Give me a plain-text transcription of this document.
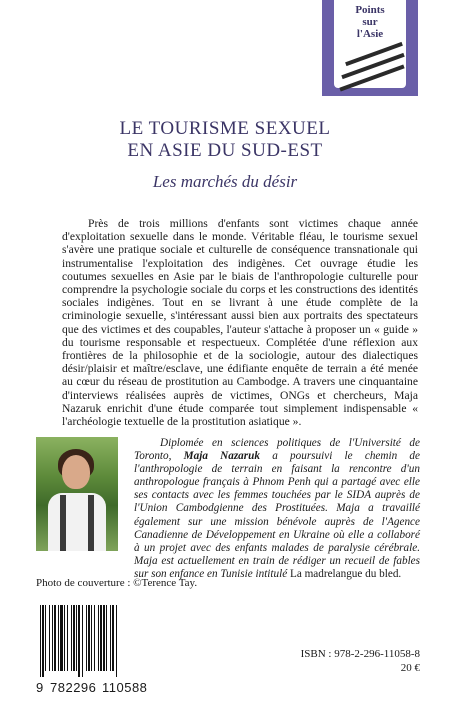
Points
sur
l'Asie
LE TOURISME SEXUEL
EN ASIE DU SUD-EST
Les marchés du désir

Près de trois millions d'enfants sont victimes chaque année d'exploitation sexuelle dans le monde. Véritable fléau, le tourisme sexuel s'avère une pratique sociale et culturelle de conséquence transnationale qui instrumentalise l'exploitation des indigènes. Cet ouvrage étudie les coutumes sexuelles en Asie par le biais de l'anthropologie culturelle pour comprendre la psychologie sociale du corps et les constructions des identités sociales indigènes. Tout en se livrant à une étude complète de la criminologie sexuelle, s'intéressant aussi bien aux portraits des spectateurs que des victimes et des coupables, l'auteur s'attache à proposer un « guide » du tourisme responsable et respectueux. Complétée d'une réflexion aux frontières de la philosophie et de la sociologie, autour des dialectiques désir/plaisir et maître/esclave, une édifiante enquête de terrain a été menée au cœur du réseau de prostitution au Cambodge. A travers une cinquantaine d'interviews réalisées auprès de victimes, ONGs et chercheurs, Maja Nazaruk enrichit d'une étude comparée tout simplement indispensable « l'archéologie textuelle de la prostitution asiatique ».

Diplomée en sciences politiques de l'Université de Toronto, Maja Nazaruk a poursuivi le chemin de l'anthropologie de terrain en faisant la rencontre d'un anthropologue français à Phnom Penh qui a partagé avec elle ses contacts avec les femmes touchées par le SIDA auprès de l'Union Cambodgienne des Prostituées. Maja a travaillé également sur une mission bénévole auprès de l'Agence Canadienne de Développement en Ukraine où elle a collaboré à un projet avec des enfants malades de paralysie cérébrale. Maja est actuellement en train de rédiger un recueil de fables sur son enfance en Tunisie intitulé La madrelangue du bled.
Photo de couverture : ©Terence Tay.
9 782296 110588
ISBN : 978-2-296-11058-8
20 €
